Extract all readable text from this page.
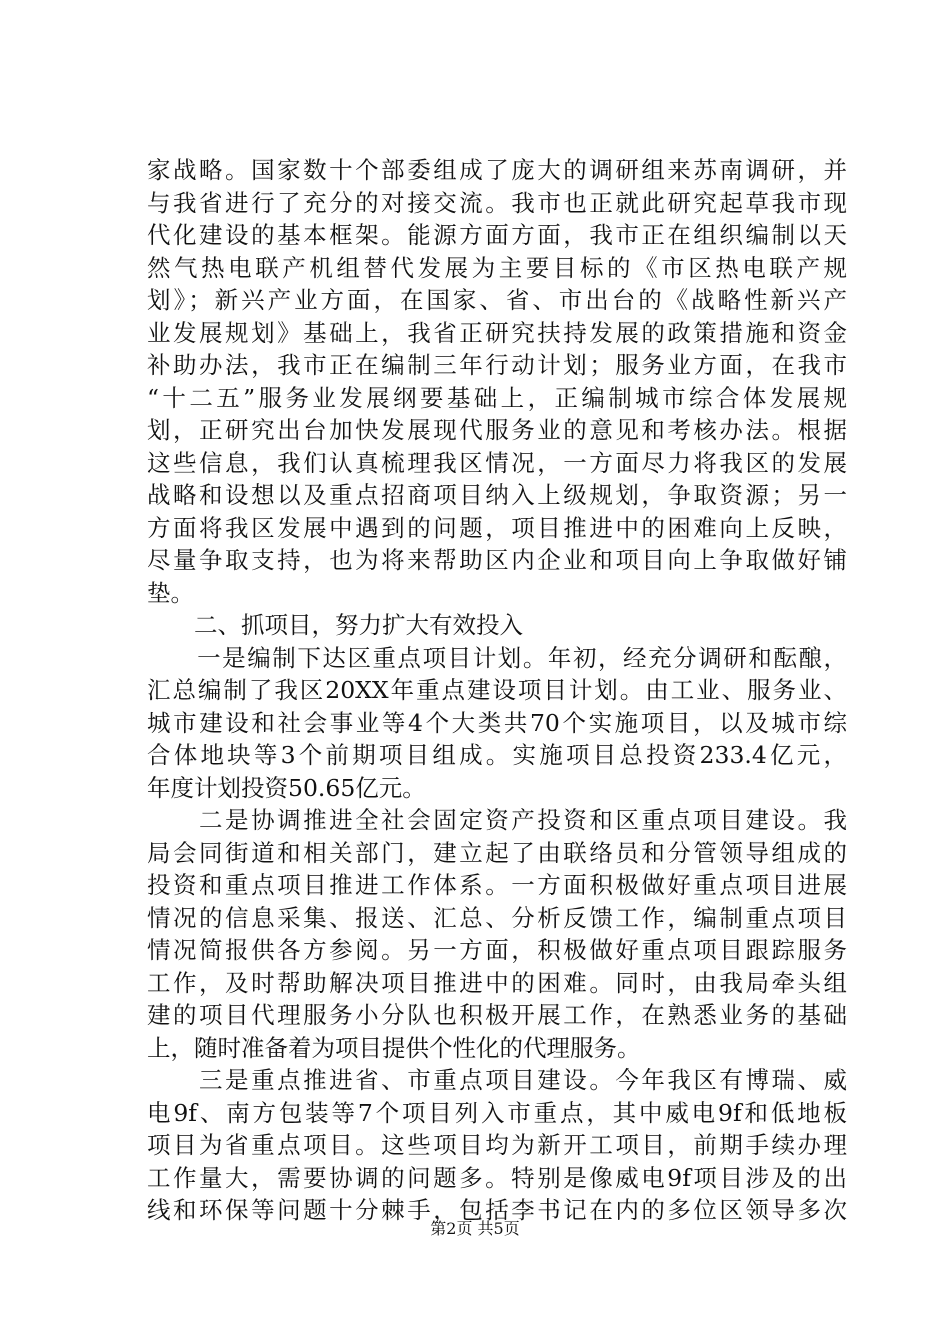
家战略。国家数十个部委组成了庞大的调研组来苏南调研，并
与我省进行了充分的对接交流。我市也正就此研究起草我市现
代化建设的基本框架。能源方面方面，我市正在组织编制以天
然气热电联产机组替代发展为主要目标的《市区热电联产规
划》；新兴产业方面，在国家、省、市出台的《战略性新兴产
业发展规划》基础上，我省正研究扶持发展的政策措施和资金
补助办法，我市正在编制三年行动计划；服务业方面，在我市
“十二五”服务业发展纲要基础上，正编制城市综合体发展规
划，正研究出台加快发展现代服务业的意见和考核办法。根据
这些信息，我们认真梳理我区情况，一方面尽力将我区的发展
战略和设想以及重点招商项目纳入上级规划，争取资源；另一
方面将我区发展中遇到的问题，项目推进中的困难向上反映，
尽量争取支持，也为将来帮助区内企业和项目向上争取做好铺
垫。
　　二、抓项目，努力扩大有效投入
　　一是编制下达区重点项目计划。年初，经充分调研和酝酿，
汇总编制了我区20XX年重点建设项目计划。由工业、服务业、
城市建设和社会事业等4个大类共70个实施项目，以及城市综
合体地块等3个前期项目组成。实施项目总投资233.4亿元，
年度计划投资50.65亿元。
　　二是协调推进全社会固定资产投资和区重点项目建设。我
局会同街道和相关部门，建立起了由联络员和分管领导组成的
投资和重点项目推进工作体系。一方面积极做好重点项目进展
情况的信息采集、报送、汇总、分析反馈工作，编制重点项目
情况简报供各方参阅。另一方面，积极做好重点项目跟踪服务
工作，及时帮助解决项目推进中的困难。同时，由我局牵头组
建的项目代理服务小分队也积极开展工作，在熟悉业务的基础
上，随时准备着为项目提供个性化的代理服务。
　　三是重点推进省、市重点项目建设。今年我区有博瑞、威
电9f、南方包装等7个项目列入市重点，其中威电9f和低地板
项目为省重点项目。这些项目均为新开工项目，前期手续办理
工作量大，需要协调的问题多。特别是像威电9f项目涉及的出
线和环保等问题十分棘手，包括李书记在内的多位区领导多次
第2页 共5页
